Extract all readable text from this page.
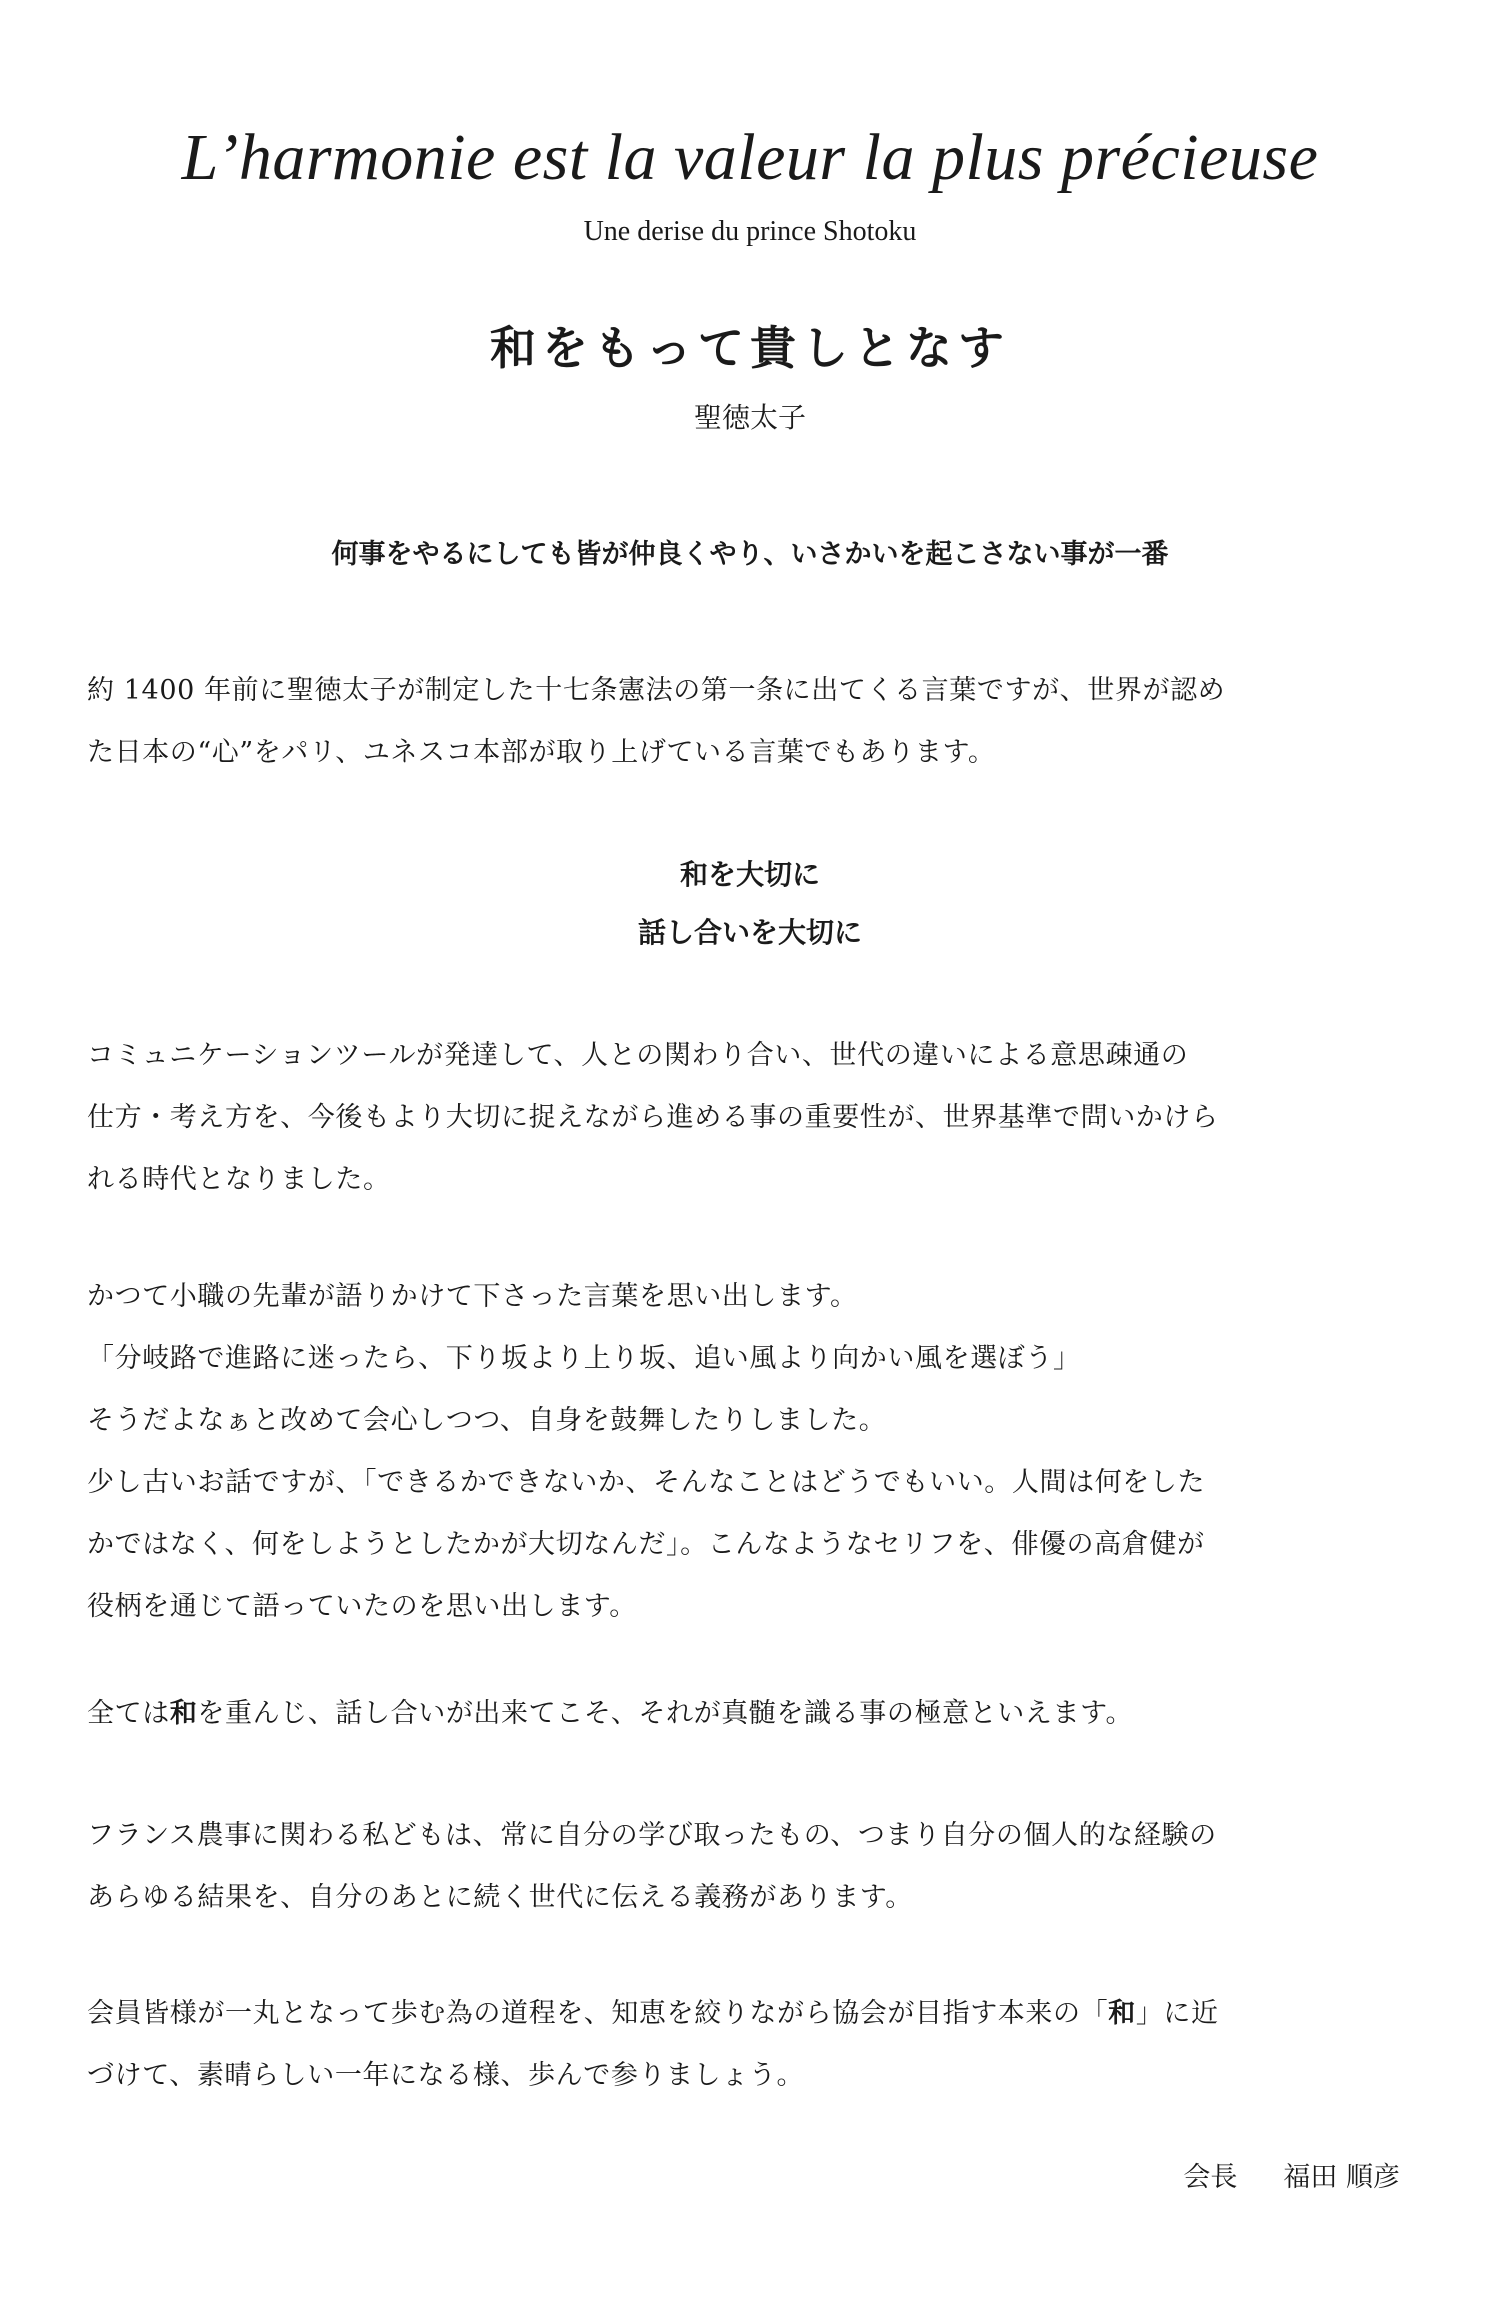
L’harmonie est la valeur la plus précieuse
Une derise du prince Shotoku
和をもって貴しとなす
聖徳太子
何事をやるにしても皆が仲良くやり、いさかいを起こさない事が一番
約 1400 年前に聖徳太子が制定した十七条憲法の第一条に出てくる言葉ですが、世界が認め
た日本の“心”をパリ、ユネスコ本部が取り上げている言葉でもあります。
和を大切に
話し合いを大切に
コミュニケーションツールが発達して、人との関わり合い、世代の違いによる意思疎通の
仕方・考え方を、今後もより大切に捉えながら進める事の重要性が、世界基準で問いかけら
れる時代となりました。
かつて小職の先輩が語りかけて下さった言葉を思い出します。
「分岐路で進路に迷ったら、下り坂より上り坂、追い風より向かい風を選ぼう」
そうだよなぁと改めて会心しつつ、自身を鼓舞したりしました。
少し古いお話ですが、「できるかできないか、そんなことはどうでもいい。人間は何をした
かではなく、何をしようとしたかが大切なんだ」。こんなようなセリフを、俳優の高倉健が
役柄を通じて語っていたのを思い出します。
全ては和を重んじ、話し合いが出来てこそ、それが真髄を識る事の極意といえます。
フランス農事に関わる私どもは、常に自分の学び取ったもの、つまり自分の個人的な経験の
あらゆる結果を、自分のあとに続く世代に伝える義務があります。
会員皆様が一丸となって歩む為の道程を、知恵を絞りながら協会が目指す本来の「和」に近
づけて、素晴らしい一年になる様、歩んで参りましょう。
会長 福田 順彦
